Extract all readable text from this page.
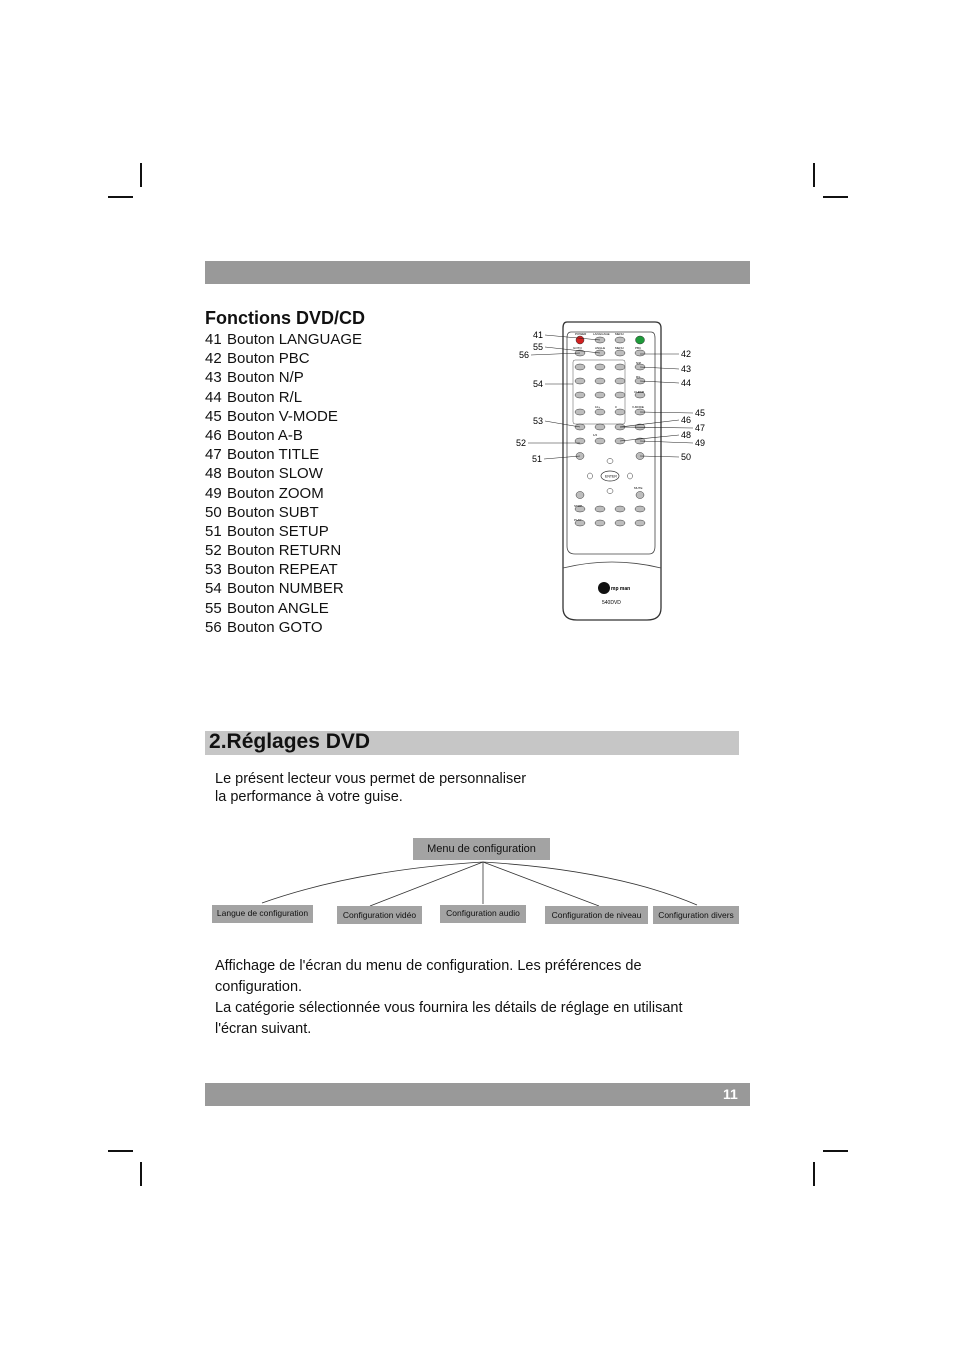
Fonctions DVD/CD
41 Bouton LANGUAGE
42 Bouton PBC
43 Bouton N/P
44 Bouton R/L
45 Bouton V-MODE
46 Bouton A-B
47 Bouton TITLE
48 Bouton SLOW
49 Bouton ZOOM
50 Bouton SUBT
51 Bouton SETUP
52 Bouton RETURN
53 Bouton REPEAT
54 Bouton NUMBER
55 Bouton ANGLE
56 Bouton GOTO
POWER LANGUAGE MENU
GOTO	ANGLE	MENU	PBC
N/P
R/L
CLEAR
V-MODE
10+	0
1/2
STOP
PLAY
MUTE
ENTER
mp man
540DVD
41
55
56
54
53
52
51
42
43
44
45
46
47
48
49
50
2.Réglages DVD

Le présent lecteur vous permet de personnaliser
la performance à votre guise.

Menu de configuration
Langue de configuration	Configuration vidéo	Configuration audio	Configuration de niveau	Configuration divers

Affichage de l'écran du menu de configuration. Les préférences de
configuration.
La catégorie sélectionnée vous fournira les détails de réglage en utilisant
l'écran suivant.

11
